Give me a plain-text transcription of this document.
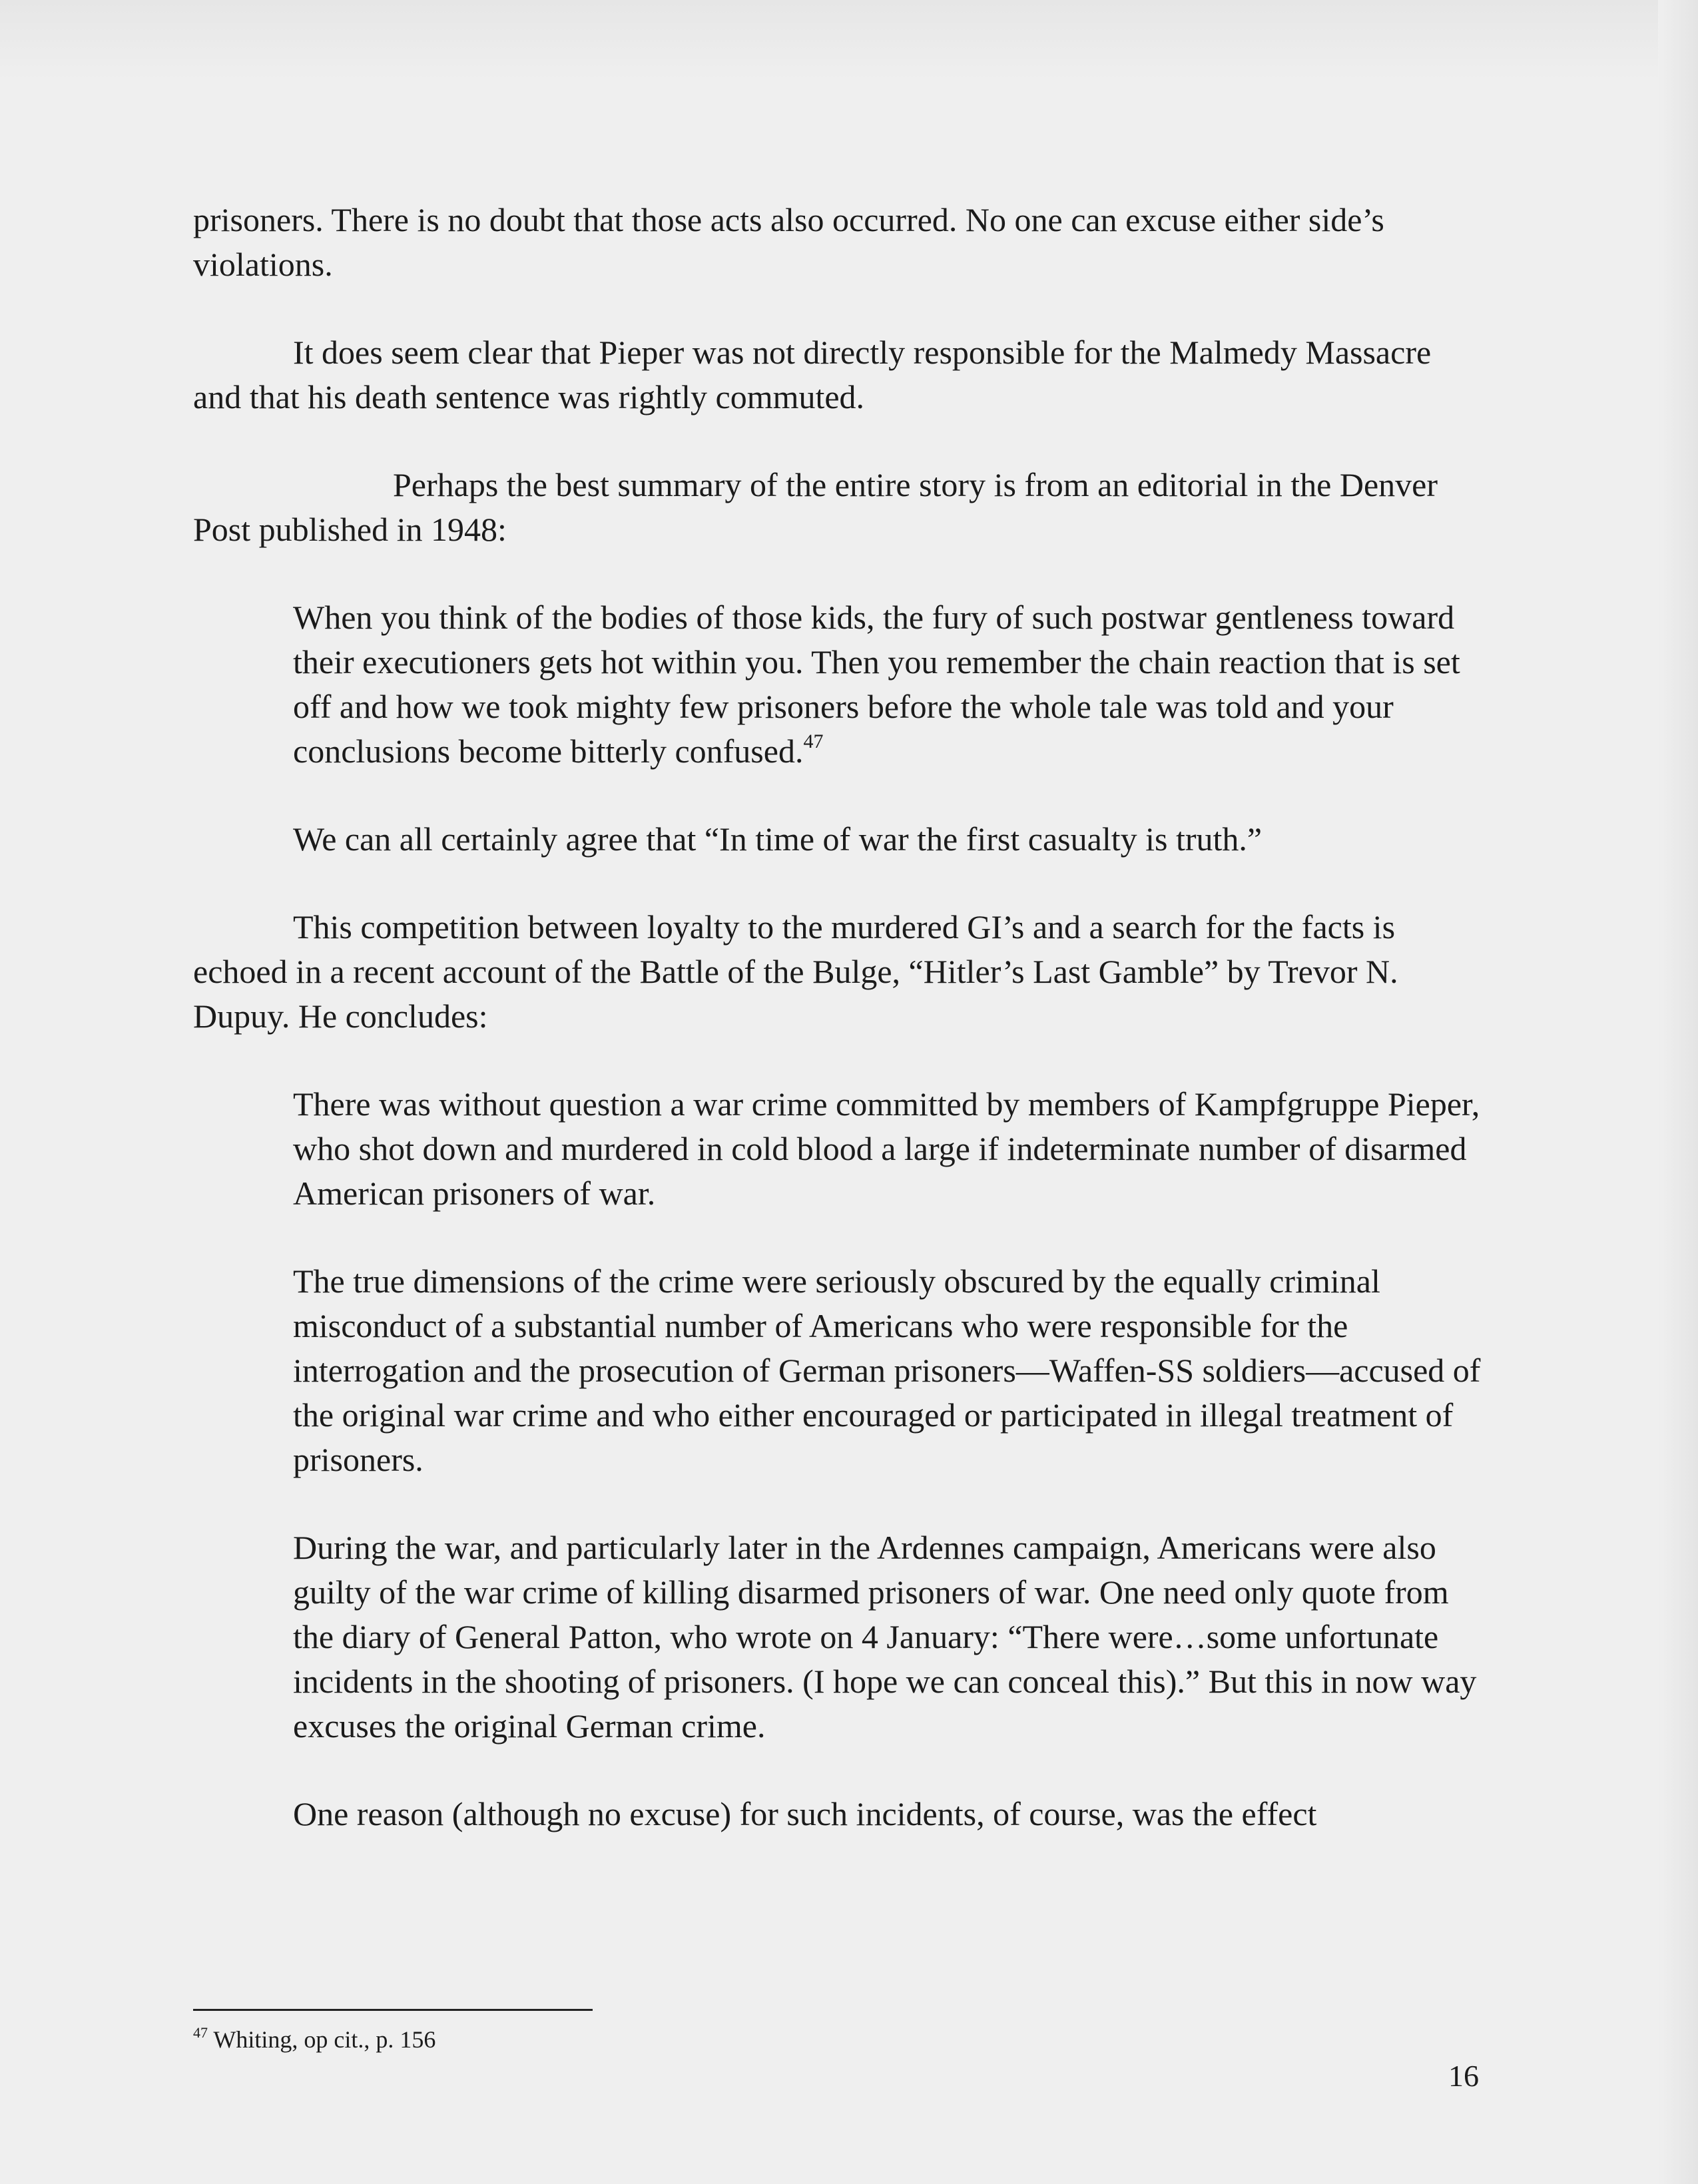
prisoners. There is no doubt that those acts also occurred. No one can excuse either side’s violations.

It does seem clear that Pieper was not directly responsible for the Malmedy Massacre and that his death sentence was rightly commuted.

Perhaps the best summary of the entire story is from an editorial in the Denver Post published in 1948:

When you think of the bodies of those kids, the fury of such postwar gentleness toward their executioners gets hot within you. Then you remember the chain reaction that is set off and how we took mighty few prisoners before the whole tale was told and your conclusions become bitterly confused.$^{47}$

We can all certainly agree that “In time of war the first casualty is truth.”

This competition between loyalty to the murdered GI’s and a search for the facts is echoed in a recent account of the Battle of the Bulge, “Hitler’s Last Gamble” by Trevor N. Dupuy. He concludes:

There was without question a war crime committed by members of Kampfgruppe Pieper, who shot down and murdered in cold blood a large if indeterminate number of disarmed American prisoners of war.

The true dimensions of the crime were seriously obscured by the equally criminal misconduct of a substantial number of Americans who were responsible for the interrogation and the prosecution of German prisoners—Waffen-SS soldiers—accused of the original war crime and who either encouraged or participated in illegal treatment of prisoners.

During the war, and particularly later in the Ardennes campaign, Americans were also guilty of the war crime of killing disarmed prisoners of war. One need only quote from the diary of General Patton, who wrote on 4 January: “There were…some unfortunate incidents in the shooting of prisoners. (I hope we can conceal this).” But this in now way excuses the original German crime.

One reason (although no excuse) for such incidents, of course, was the effect

$^{47}$ Whiting, op cit., p. 156
16
